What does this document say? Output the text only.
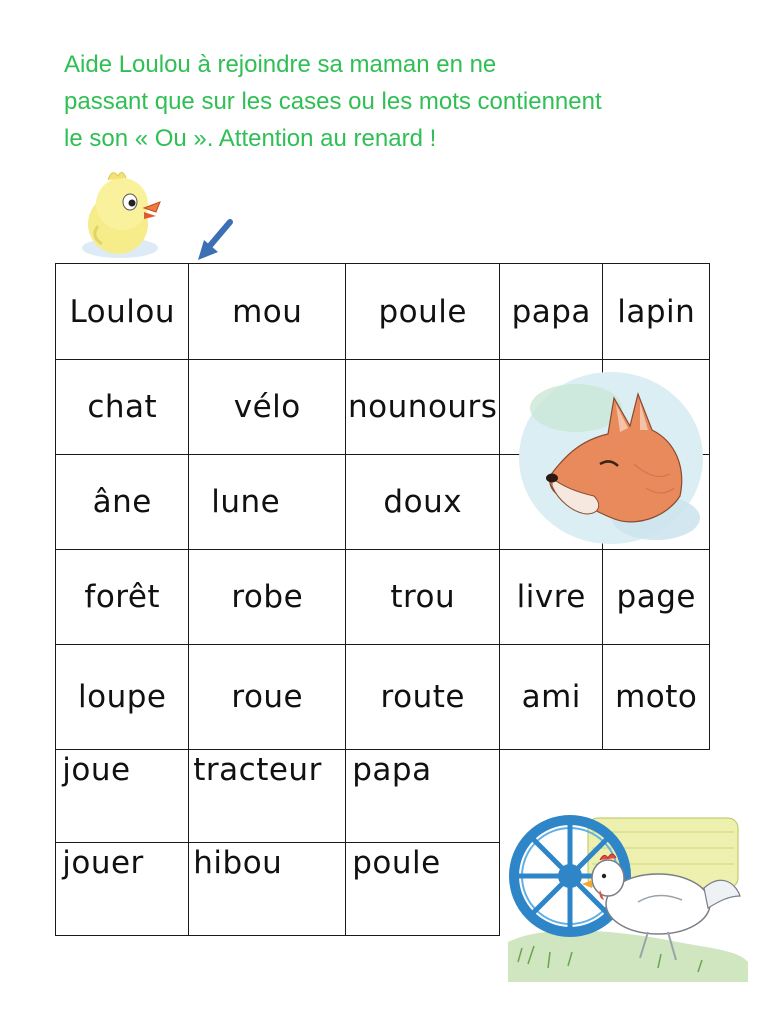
Aide Loulou à rejoindre sa maman en ne
passant que sur les cases ou les mots contiennent
le son « Ou ». Attention au renard !
Loulou mou poule papa lapin
chat vélo nounours
âne lune	doux
forêt robe	trou livre page
loupe roue route ami moto
joue tracteur papa
jouer hibou poule
